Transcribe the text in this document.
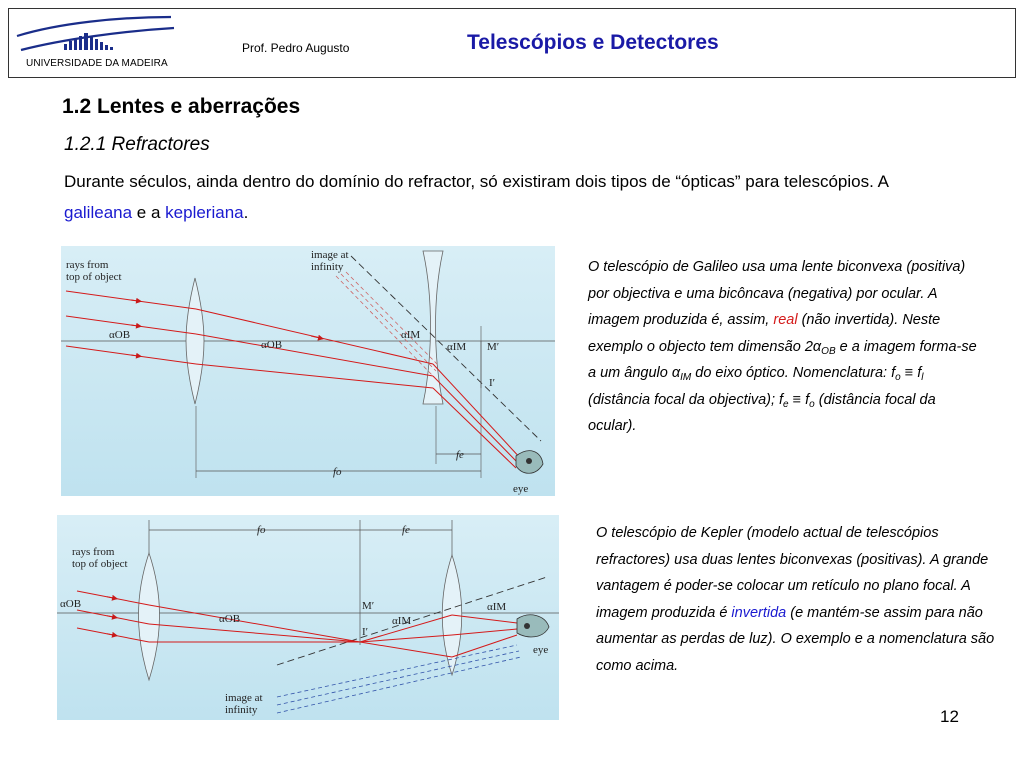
UNIVERSIDADE DA MADEIRA
Prof. Pedro Augusto	Telescópios e Detectores
1.2 Lentes e aberrações
1.2.1 Refractores
Durante séculos, ainda dentro do domínio do refractor, só existiram dois tipos de “ópticas” para telescópios. A galileana e a kepleriana.
rays from
top of object
image at
infinity
αOB
αOB
αIM
αIM M′
I′
fe
fo
eye
O telescópio de Galileo usa uma lente biconvexa (positiva) por objectiva e uma bicôncava (negativa) por ocular. A imagem produzida é, assim, real (não invertida). Neste exemplo o objecto tem dimensão $2\alpha_{OB}$ e a imagem forma-se a um ângulo $\alpha_{IM}$ do eixo óptico. Nomenclatura: $f_o \equiv f_l$ (distância focal da objectiva); $f_e \equiv f_o$ (distância focal da ocular).
fo	fe
rays from
top of object
αOB
αOB
M′
I′
αIM
αIM
eye
image at
infinity
O telescópio de Kepler (modelo actual de telescópios refractores) usa duas lentes biconvexas (positivas). A grande vantagem é poder-se colocar um retículo no plano focal. A imagem produzida é invertida (e mantém-se assim para não aumentar as perdas de luz). O exemplo e a nomenclatura são como acima.
12
